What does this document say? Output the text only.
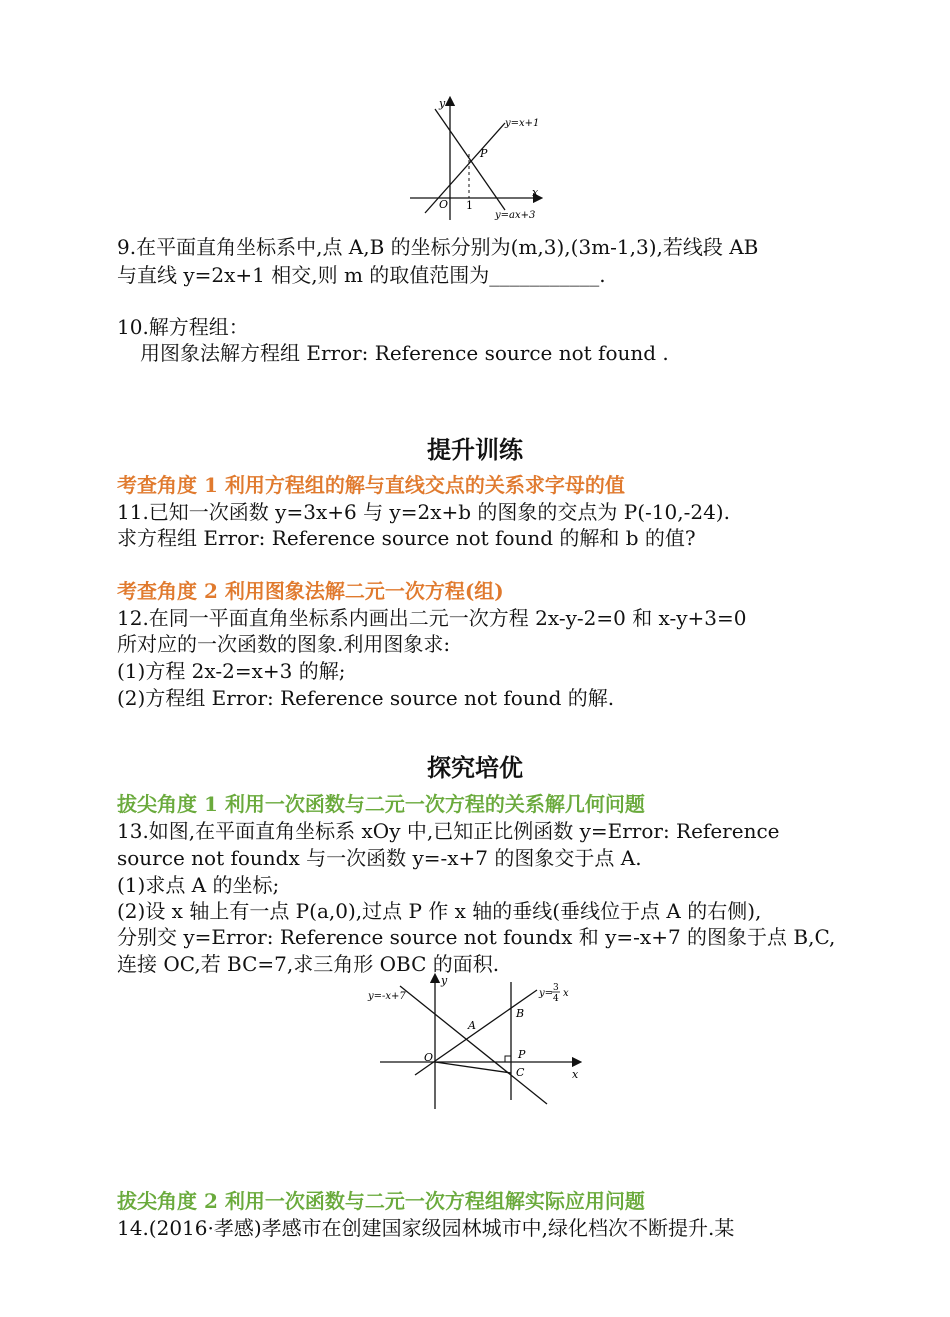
y
x
O 1
P
y=x+1
y=ax+3
9.在平面直角坐标系中,点 A,B 的坐标分别为(m,3),(3m-1,3),若线段 AB
与直线 y=2x+1 相交,则 m 的取值范围为___________.
10.解方程组：
用图象法解方程组 Error: Reference source not found .
提升训练
考查角度 1 利用方程组的解与直线交点的关系求字母的值
11.已知一次函数 y=3x+6 与 y=2x+b 的图象的交点为 P(-10,-24).
求方程组 Error: Reference source not found 的解和 b 的值?
考查角度 2 利用图象法解二元一次方程(组)
12.在同一平面直角坐标系内画出二元一次方程 2x-y-2=0 和 x-y+3=0
所对应的一次函数的图象.利用图象求:
(1)方程 2x-2=x+3 的解;
(2)方程组 Error: Reference source not found 的解.
探究培优
拔尖角度 1 利用一次函数与二元一次方程的关系解几何问题
13.如图,在平面直角坐标系 xOy 中,已知正比例函数 y=Error: Reference
source not foundx 与一次函数 y=-x+7 的图象交于点 A.
(1)求点 A 的坐标;
(2)设 x 轴上有一点 P(a,0),过点 P 作 x 轴的垂线(垂线位于点 A 的右侧),
分别交 y=Error: Reference source not foundx 和 y=-x+7 的图象于点 B,C,
连接 OC,若 BC=7,求三角形 OBC 的面积.
y=-x+7	y= 3
4 x
y
x
O
A
B
P
C
拔尖角度 2 利用一次函数与二元一次方程组解实际应用问题
14.(2016·孝感)孝感市在创建国家级园林城市中,绿化档次不断提升.某
